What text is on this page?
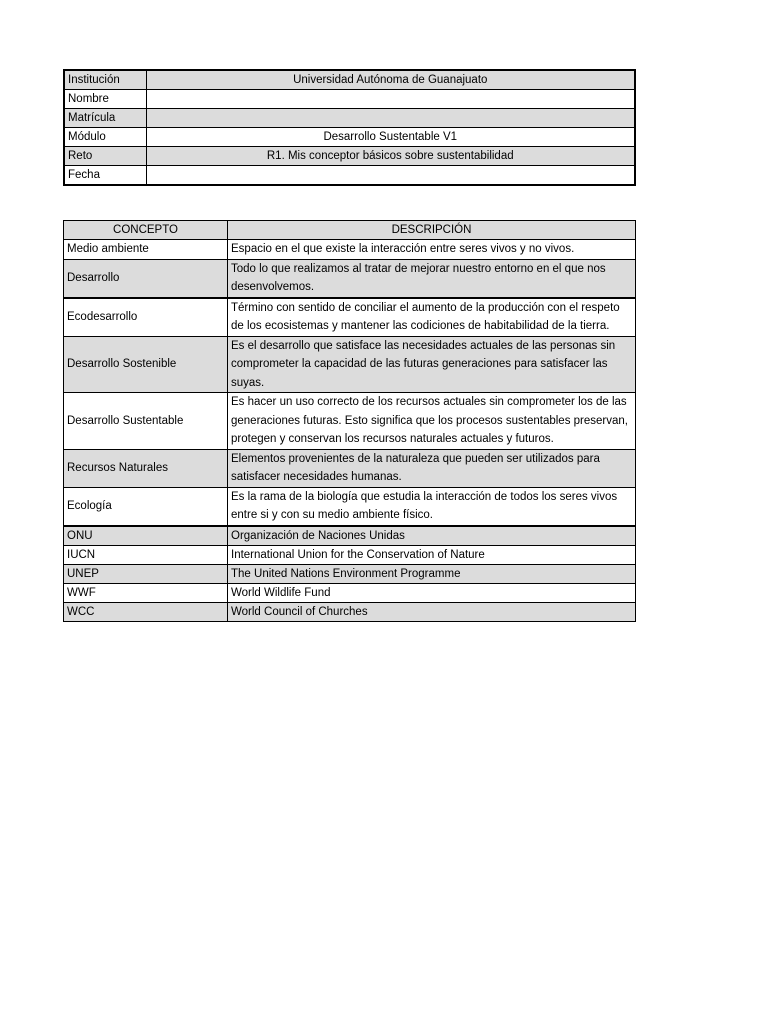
Institución	Universidad Autónoma de Guanajuato
Nombre	
Matrícula	
Módulo	Desarrollo Sustentable V1
Reto	R1. Mis conceptor básicos sobre sustentabilidad
Fecha	
CONCEPTO	DESCRIPCIÓN
Medio ambiente	Espacio en el que existe la interacción entre seres vivos y no vivos.
Desarrollo	Todo lo que realizamos al tratar de mejorar nuestro entorno en el que nos desenvolvemos.
Ecodesarrollo	Término con sentido de conciliar el aumento de la producción con el respeto de los ecosistemas y mantener las codiciones de habitabilidad de la tierra.
Desarrollo Sostenible	Es el desarrollo que satisface las necesidades actuales de las personas sin comprometer la capacidad de las futuras generaciones para satisfacer las suyas.
Desarrollo Sustentable	Es hacer un uso correcto de los recursos actuales sin comprometer los de las generaciones futuras. Esto significa que los procesos sustentables preservan, protegen y conservan los recursos naturales actuales y futuros.
Recursos Naturales	Elementos provenientes de la naturaleza que pueden ser utilizados para satisfacer necesidades humanas.
Ecología	Es la rama de la biología que estudia la interacción de todos los seres vivos entre si y con su medio ambiente físico.
ONU	Organización de Naciones Unidas
IUCN	International Union for the Conservation of Nature
UNEP	The United Nations Environment Programme
WWF	World Wildlife Fund
WCC	World Council of Churches
